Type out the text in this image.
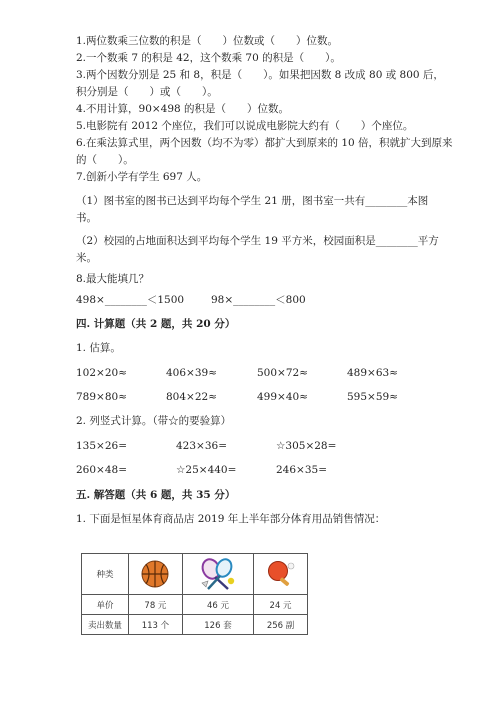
1.两位数乘三位数的积是（　　）位数或（　　）位数。
2.一个数乘 7 的积是 42，这个数乘 70 的积是（　　）。
3.两个因数分别是 25 和 8，积是（　　）。如果把因数 8 改成 80 或 800 后，
积分别是（　　）或（　　）。
4.不用计算，90×498 的积是（　　）位数。
5.电影院有 2012 个座位，我们可以说成电影院大约有（　　）个座位。
6.在乘法算式里，两个因数（均不为零）都扩大到原来的 10 倍，积就扩大到原来
的（　　）。
7.创新小学有学生 697 人。
（1）图书室的图书已达到平均每个学生 21 册，图书室一共有________本图
书。
（2）校园的占地面积达到平均每个学生 19 平方米，校园面积是________平方
米。
8.最大能填几？
498×________＜1500	98×________＜800
四. 计算题（共 2 题，共 20 分）
1. 估算。
102×20≈	406×39≈	500×72≈	489×63≈
789×80≈	804×22≈	499×40≈	595×59≈
2. 列竖式计算。（带☆的要验算）
135×26=	423×36=	☆305×28=
260×48=	☆25×440=	246×35=
五. 解答题（共 6 题，共 35 分）
1. 下面是恒星体育商品店 2019 年上半年部分体育用品销售情况：
种类	

单价	78 元	46 元	24 元
卖出数量	113 个	126 套	256 副
